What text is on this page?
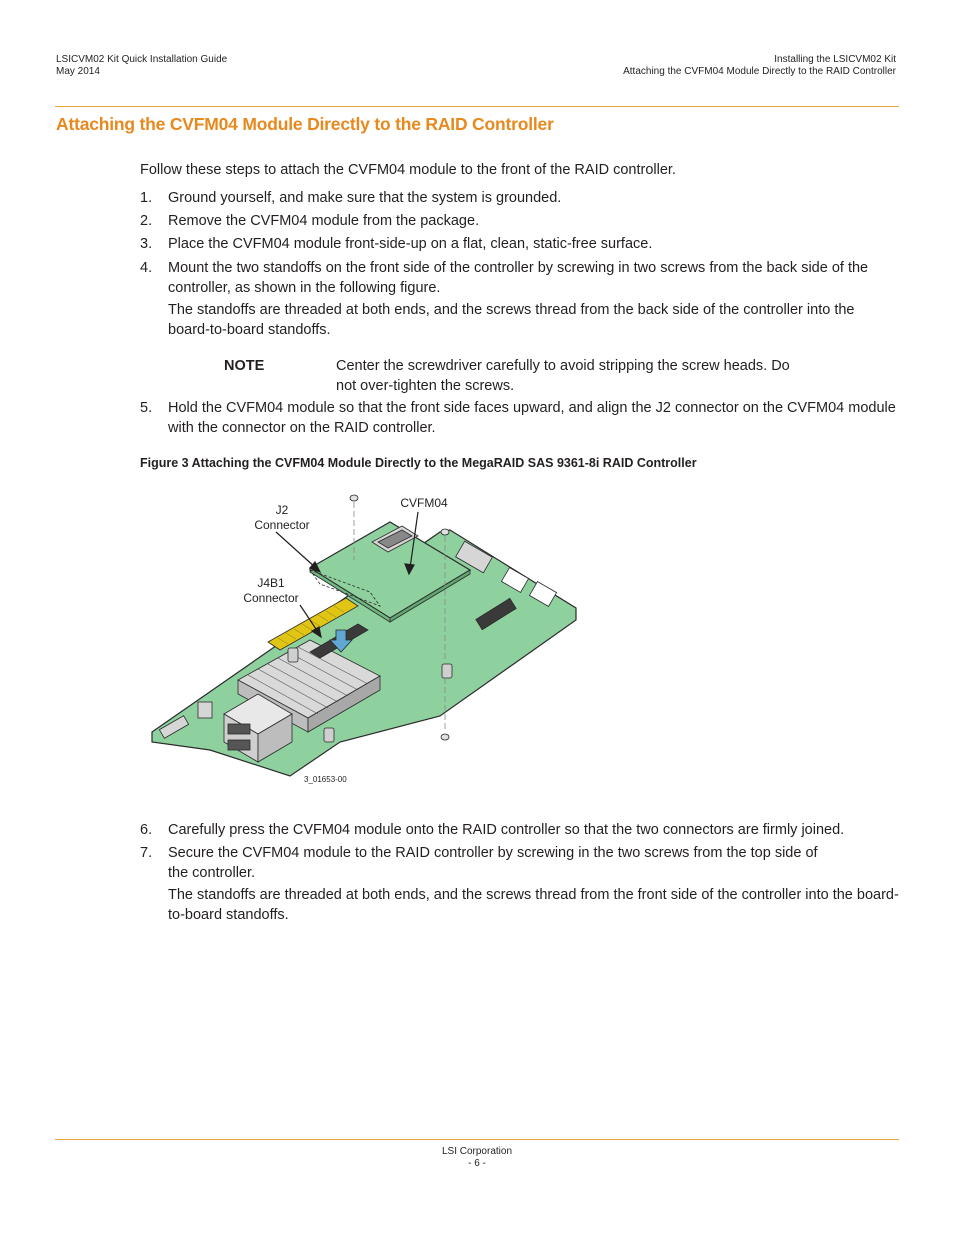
LSICVM02 Kit Quick Installation Guide
May 2014
Installing the LSICVM02 Kit
Attaching the CVFM04 Module Directly to the RAID Controller
Attaching the CVFM04 Module Directly to the RAID Controller
Follow these steps to attach the CVFM04 module to the front of the RAID controller.
1. Ground yourself, and make sure that the system is grounded.
2. Remove the CVFM04 module from the package.
3. Place the CVFM04 module front-side-up on a flat, clean, static-free surface.
4. Mount the two standoffs on the front side of the controller by screwing in two screws from the back side of the controller, as shown in the following figure.
The standoffs are threaded at both ends, and the screws thread from the back side of the controller into the board-to-board standoffs.
NOTE	Center the screwdriver carefully to avoid stripping the screw heads. Do not over-tighten the screws.
5. Hold the CVFM04 module so that the front side faces upward, and align the J2 connector on the CVFM04 module with the connector on the RAID controller.
Figure 3 Attaching the CVFM04 Module Directly to the MegaRAID SAS 9361-8i RAID Controller
J2
Connector
CVFM04
J4B1
Connector
3_01653-00
6. Carefully press the CVFM04 module onto the RAID controller so that the two connectors are firmly joined.
7. Secure the CVFM04 module to the RAID controller by screwing in the two screws from the top side of the controller.
The standoffs are threaded at both ends, and the screws thread from the front side of the controller into the board-to-board standoffs.
LSI Corporation
- 6 -
